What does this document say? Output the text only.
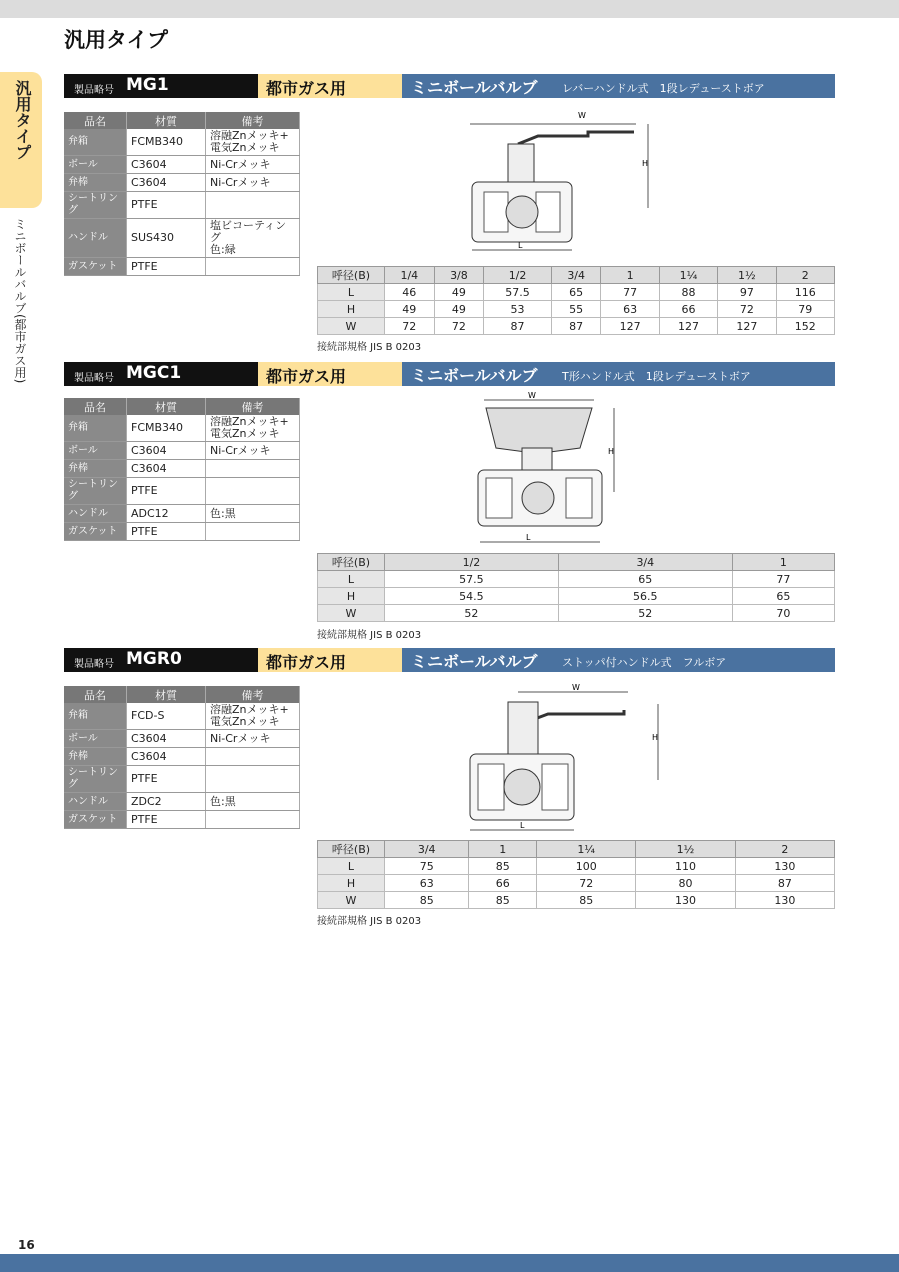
汎用タイプ
汎用タイプ
ミニボールバルブ(都市ガス用)
製品略号 MG1	都市ガス用	ミニボールバルブ レバーハンドル式　1段レデューストボア
品名	材質	備考
弁箱	FCMB340	溶融Znメッキ+
電気Znメッキ
ボール	C3604	Ni-Crメッキ
弁棒	C3604	Ni-Crメッキ
シートリング	PTFE	
ハンドル	SUS430	塩ビコーティング
色:緑
ガスケット	PTFE	
W
H
L
呼径(B)	1/4	3/8	1/2	3/4	1	1¼	1½	2
L	46	49	57.5	65	77	88	97	116
H	49	49	53	55	63	66	72	79
W	72	72	87	87	127	127	127	152
接続部規格 JIS B 0203
製品略号 MGC1	都市ガス用	ミニボールバルブ T形ハンドル式　1段レデューストボア
品名	材質	備考
弁箱	FCMB340	溶融Znメッキ+
電気Znメッキ
ボール	C3604	Ni-Crメッキ
弁棒	C3604	
シートリング	PTFE	
ハンドル	ADC12	色:黒
ガスケット	PTFE	
W
H
L
呼径(B)	1/2	3/4	1
L	57.5	65	77
H	54.5	56.5	65
W	52	52	70
接続部規格 JIS B 0203
製品略号 MGR0	都市ガス用	ミニボールバルブ ストッパ付ハンドル式　フルボア
品名	材質	備考
弁箱	FCD-S	溶融Znメッキ+
電気Znメッキ
ボール	C3604	Ni-Crメッキ
弁棒	C3604	
シートリング	PTFE	
ハンドル	ZDC2	色:黒
ガスケット	PTFE	
W
H
L
呼径(B)	3/4	1	1¼	1½	2
L	75	85	100	110	130
H	63	66	72	80	87
W	85	85	85	130	130
接続部規格 JIS B 0203
16
